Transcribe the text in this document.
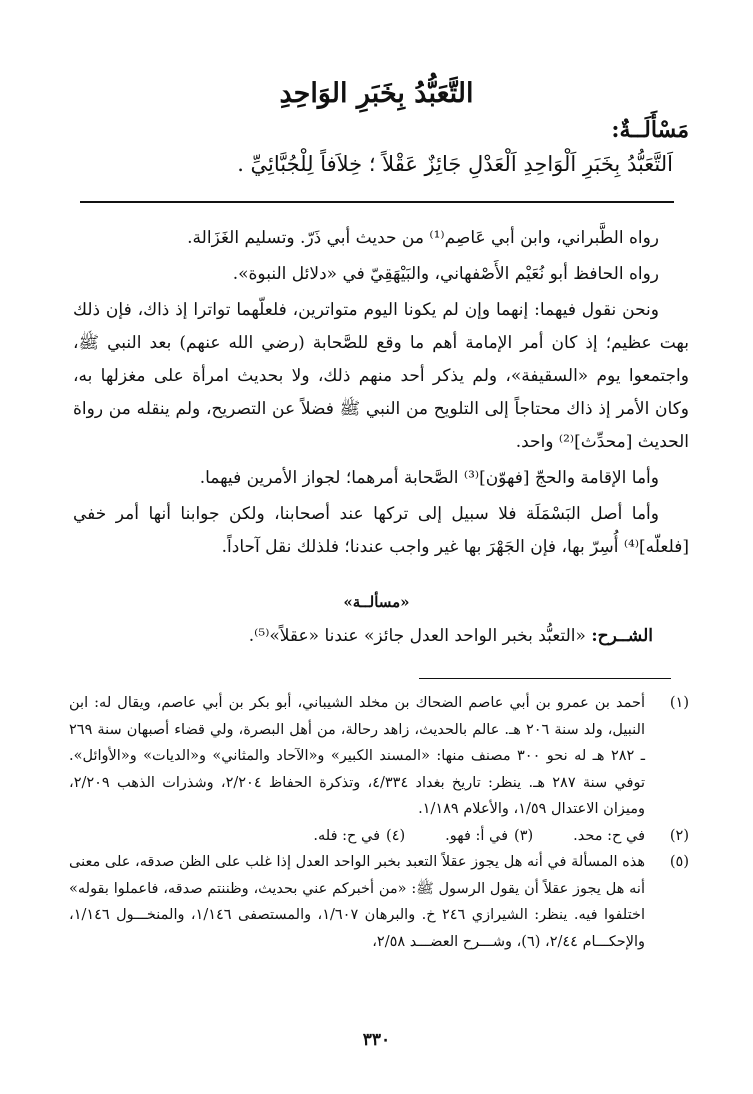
التَّعَبُّدُ بِخَبَرِ الوَاحِدِ
مَسْأَلَــةٌ:
اَلتَّعَبُّدُ بِخَبَرِ اَلْوَاحِدِ اَلْعَدْلِ جَائِزٌ عَقْلاً ؛ خِلاَفاً لِلْجُبَّائِيِّ .

رواه الطَّبراني، وابن أبي عَاصِم⁽¹⁾ من حديث أبي ذَرّ. وتسليم الغَزَالة.

رواه الحافظ أبو نُعَيْم الأَصْفهاني، والبَيْهَقِيّ في «دلائل النبوة».

ونحن نقول فيهما: إنهما وإن لم يكونا اليوم متواترين، فلعلّهما تواترا إذ ذاك، فإن ذلك بهت عظيم؛ إذ كان أمر الإمامة أهم ما وقع للصَّحابة (رضي الله عنهم) بعد النبي ﷺ، واجتمعوا يوم «السقيفة»، ولم يذكر أحد منهم ذلك، ولا بحديث امرأة على مغزلها به، وكان الأمر إذ ذاك محتاجاً إلى التلويح من النبي ﷺ فضلاً عن التصريح، ولم ينقله من رواة الحديث [محدِّث]⁽²⁾ واحد.

وأما الإقامة والحجّ [فهوّن]⁽³⁾ الصَّحابة أمرهما؛ لجواز الأمرين فيهما.

وأما أصل البَسْمَلَة فلا سبيل إلى تركها عند أصحابنا، ولكن جوابنا أنها أمر خفي [فلعلّه]⁽⁴⁾ أُسِرّ بها، فإن الجَهْرَ بها غير واجب عندنا؛ فلذلك نقل آحاداً.

«مسألــة»
الشــرح: «التعبُّد بخبر الواحد العدل جائز» عندنا «عقلاً»⁽⁵⁾.
(١)
أحمد بن عمرو بن أبي عاصم الضحاك بن مخلد الشيباني، أبو بكر بن أبي عاصم، ويقال له: ابن النبيل، ولد سنة ٢٠٦ هـ. عالم بالحديث، زاهد رحالة، من أهل البصرة، ولي قضاء أصبهان سنة ٢٦٩ ـ ٢٨٢ هـ له نحو ٣٠٠ مصنف منها: «المسند الكبير» و«الآحاد والمثاني» و«الديات» و«الأوائل». توفي سنة ٢٨٧ هـ. ينظر: تاريخ بغداد ٤/٣٣٤، وتذكرة الحفاظ ٢/٢٠٤، وشذرات الذهب ٢/٢٠٩، وميزان الاعتدال ١/٥٩، والأعلام ١/١٨٩.
(٢)
في ح: محد.
(٣)
في أ: فهو.
(٤)
في ح: فله.
(٥)
هذه المسألة في أنه هل يجوز عقلاً التعبد بخبر الواحد العدل إذا غلب على الظن صدقه، على معنى أنه هل يجوز عقلاً أن يقول الرسول ﷺ: «من أخبركم عني بحديث، وظننتم صدقه، فاعملوا بقوله» اختلفوا فيه. ينظر: الشيرازي ٢٤٦ خ. والبرهان ١/٦٠٧، والمستصفى ١/١٤٦، والمنخـــول ١/١٤٦، والإحكـــام ٢/٤٤، (٦)، وشـــرح العضـــد ٢/٥٨،
٣٣٠
